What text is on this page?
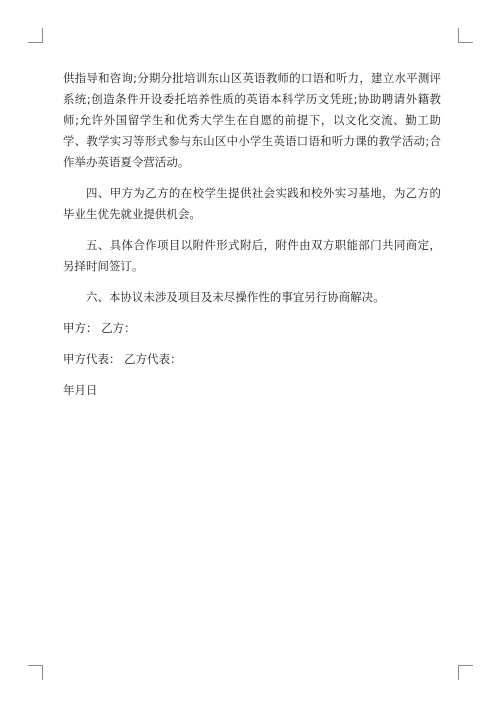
供指导和咨询;分期分批培训东山区英语教师的口语和听力，建立水平测评系统;创造条件开设委托培养性质的英语本科学历文凭班;协助聘请外籍教师;允许外国留学生和优秀大学生在自愿的前提下，以文化交流、勤工助学、教学实习等形式参与东山区中小学生英语口语和听力课的教学活动;合作举办英语夏令营活动。

四、甲方为乙方的在校学生提供社会实践和校外实习基地，为乙方的毕业生优先就业提供机会。

五、具体合作项目以附件形式附后，附件由双方职能部门共同商定，另择时间签订。

六、本协议未涉及项目及未尽操作性的事宜另行协商解决。

甲方： 乙方：

甲方代表： 乙方代表：

年月日
